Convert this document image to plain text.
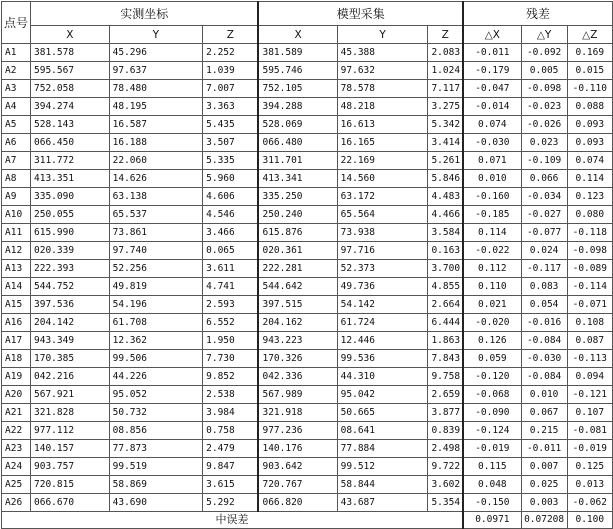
点号	实测坐标			模型采集			残差		
	X	Y	Z	X	Y	Z	△X	△Y	△Z
A1	381.578	45.296	2.252	381.589	45.388	2.083	-0.011	-0.092	0.169
A2	595.567	97.637	1.039	595.746	97.632	1.024	-0.179	0.005	0.015
A3	752.058	78.480	7.007	752.105	78.578	7.117	-0.047	-0.098	-0.110
A4	394.274	48.195	3.363	394.288	48.218	3.275	-0.014	-0.023	0.088
A5	528.143	16.587	5.435	528.069	16.613	5.342	0.074	-0.026	0.093
A6	066.450	16.188	3.507	066.480	16.165	3.414	-0.030	0.023	0.093
A7	311.772	22.060	5.335	311.701	22.169	5.261	0.071	-0.109	0.074
A8	413.351	14.626	5.960	413.341	14.560	5.846	0.010	0.066	0.114
A9	335.090	63.138	4.606	335.250	63.172	4.483	-0.160	-0.034	0.123
A10	250.055	65.537	4.546	250.240	65.564	4.466	-0.185	-0.027	0.080
A11	615.990	73.861	3.466	615.876	73.938	3.584	0.114	-0.077	-0.118
A12	020.339	97.740	0.065	020.361	97.716	0.163	-0.022	0.024	-0.098
A13	222.393	52.256	3.611	222.281	52.373	3.700	0.112	-0.117	-0.089
A14	544.752	49.819	4.741	544.642	49.736	4.855	0.110	0.083	-0.114
A15	397.536	54.196	2.593	397.515	54.142	2.664	0.021	0.054	-0.071
A16	204.142	61.708	6.552	204.162	61.724	6.444	-0.020	-0.016	0.108
A17	943.349	12.362	1.950	943.223	12.446	1.863	0.126	-0.084	0.087
A18	170.385	99.506	7.730	170.326	99.536	7.843	0.059	-0.030	-0.113
A19	042.216	44.226	9.852	042.336	44.310	9.758	-0.120	-0.084	0.094
A20	567.921	95.052	2.538	567.989	95.042	2.659	-0.068	0.010	-0.121
A21	321.828	50.732	3.984	321.918	50.665	3.877	-0.090	0.067	0.107
A22	977.112	08.856	0.758	977.236	08.641	0.839	-0.124	0.215	-0.081
A23	140.157	77.873	2.479	140.176	77.884	2.498	-0.019	-0.011	-0.019
A24	903.757	99.519	9.847	903.642	99.512	9.722	0.115	0.007	0.125
A25	720.815	58.869	3.615	720.767	58.844	3.602	0.048	0.025	0.013
A26	066.670	43.690	5.292	066.820	43.687	5.354	-0.150	0.003	-0.062
中误差							0.0971	0.07208	0.100
